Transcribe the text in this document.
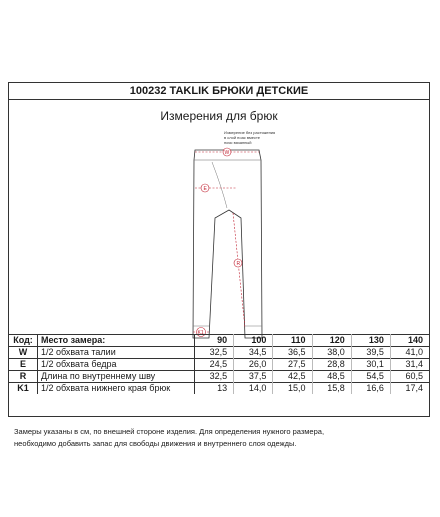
100232 TAKLIK БРЮКИ ДЕТСКИЕ
Измерения для брюк
Измерение без растяжения
в слой поас вместе
пояс вязанный
W
E
R
K1
Код:	Место замера:	90	100	110	120	130	140
W	1/2 обхвата талии	32,5	34,5	36,5	38,0	39,5	41,0
E	1/2 обхвата бедра	24,5	26,0	27,5	28,8	30,1	31,4
R	Длина по внутреннему шву	32,5	37,5	42,5	48,5	54,5	60,5
K1	1/2 обхвата нижнего края брюк	13	14,0	15,0	15,8	16,6	17,4
Замеры указаны в см, по внешней стороне изделия. Для определения нужного размера,
необходимо добавить запас для свободы движения и внутреннего слоя одежды.
